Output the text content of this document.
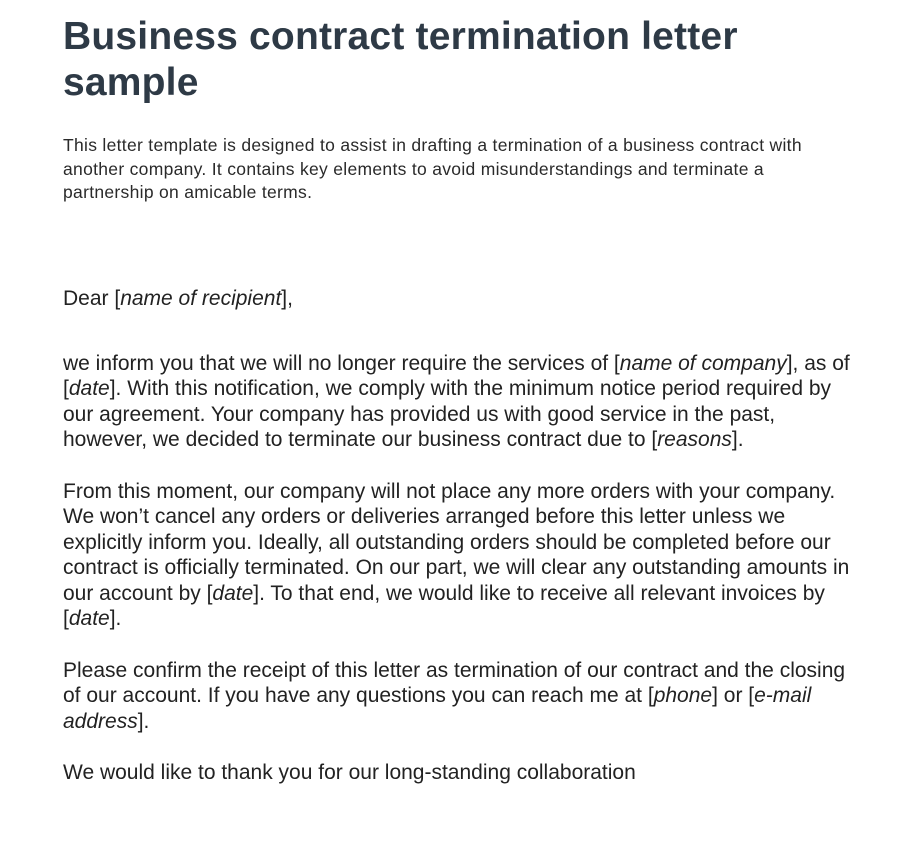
Business contract termination letter sample

This letter template is designed to assist in drafting a termination of a business contract with another company. It contains key elements to avoid misunderstandings and terminate a partnership on amicable terms.

Dear [name of recipient],

we inform you that we will no longer require the services of [name of company], as of [date]. With this notification, we comply with the minimum notice period required by our agreement. Your company has provided us with good service in the past, however, we decided to terminate our business contract due to [reasons].

From this moment, our company will not place any more orders with your company. We won’t cancel any orders or deliveries arranged before this letter unless we explicitly inform you. Ideally, all outstanding orders should be completed before our contract is officially terminated. On our part, we will clear any outstanding amounts in our account by [date]. To that end, we would like to receive all relevant invoices by [date].

Please confirm the receipt of this letter as termination of our contract and the closing of our account. If you have any questions you can reach me at [phone] or [e-mail address].

We would like to thank you for our long-standing collaboration
